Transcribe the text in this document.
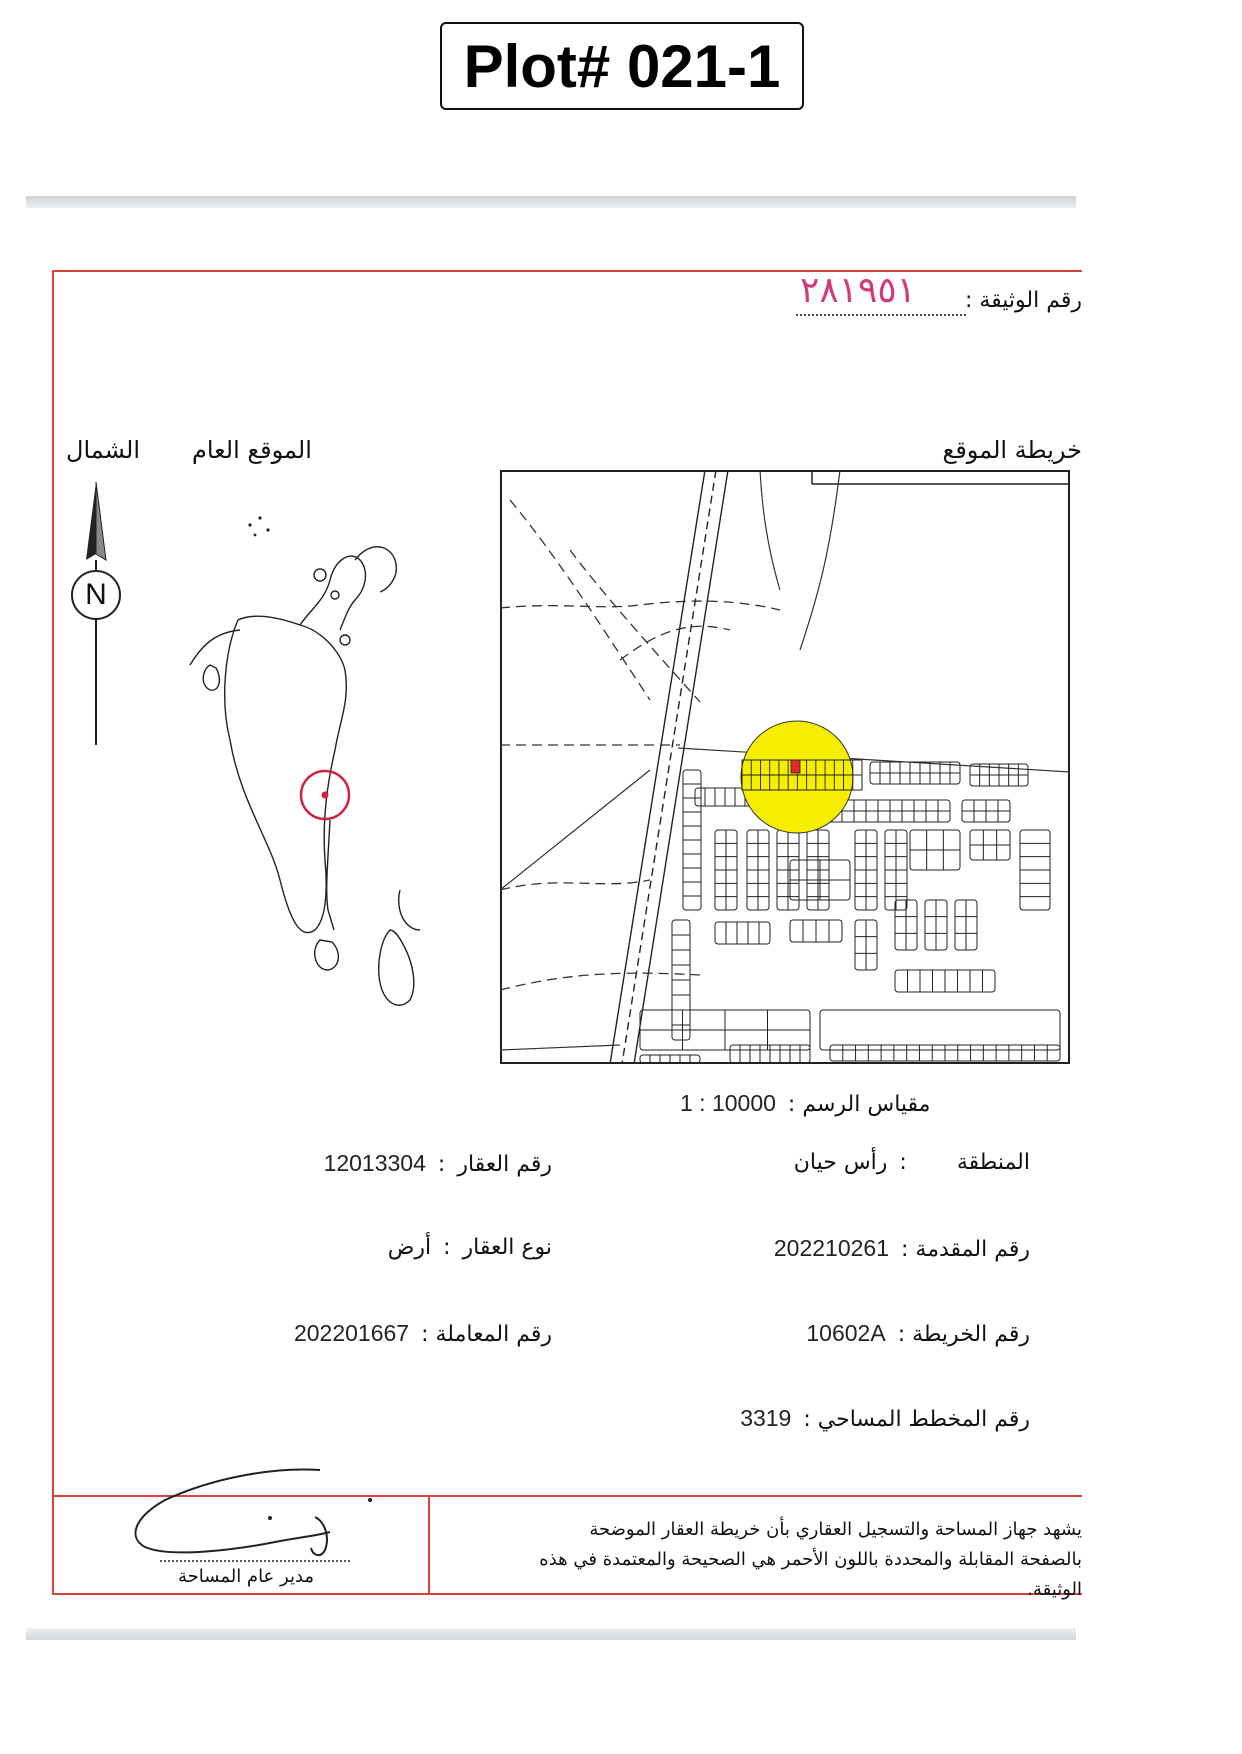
Plot# 021-1
رقم الوثيقة :
٢٨١٩٥١
خريطة الموقع
الموقع العام
الشمال
N
مقياس الرسم :
1 : 10000
المنطقة
:
رأس حيان
رقم المقدمة :
202210261
رقم الخريطة :
10602A
رقم المخطط المساحي :
3319
رقم العقار
:
12013304
نوع العقار
:
أرض
رقم المعاملة :
202201667
يشهد جهاز المساحة والتسجيل العقاري بأن خريطة العقار الموضحة بالصفحة المقابلة والمحددة باللون الأحمر هي الصحيحة والمعتمدة في هذه الوثيقة.
مدير عام المساحة
